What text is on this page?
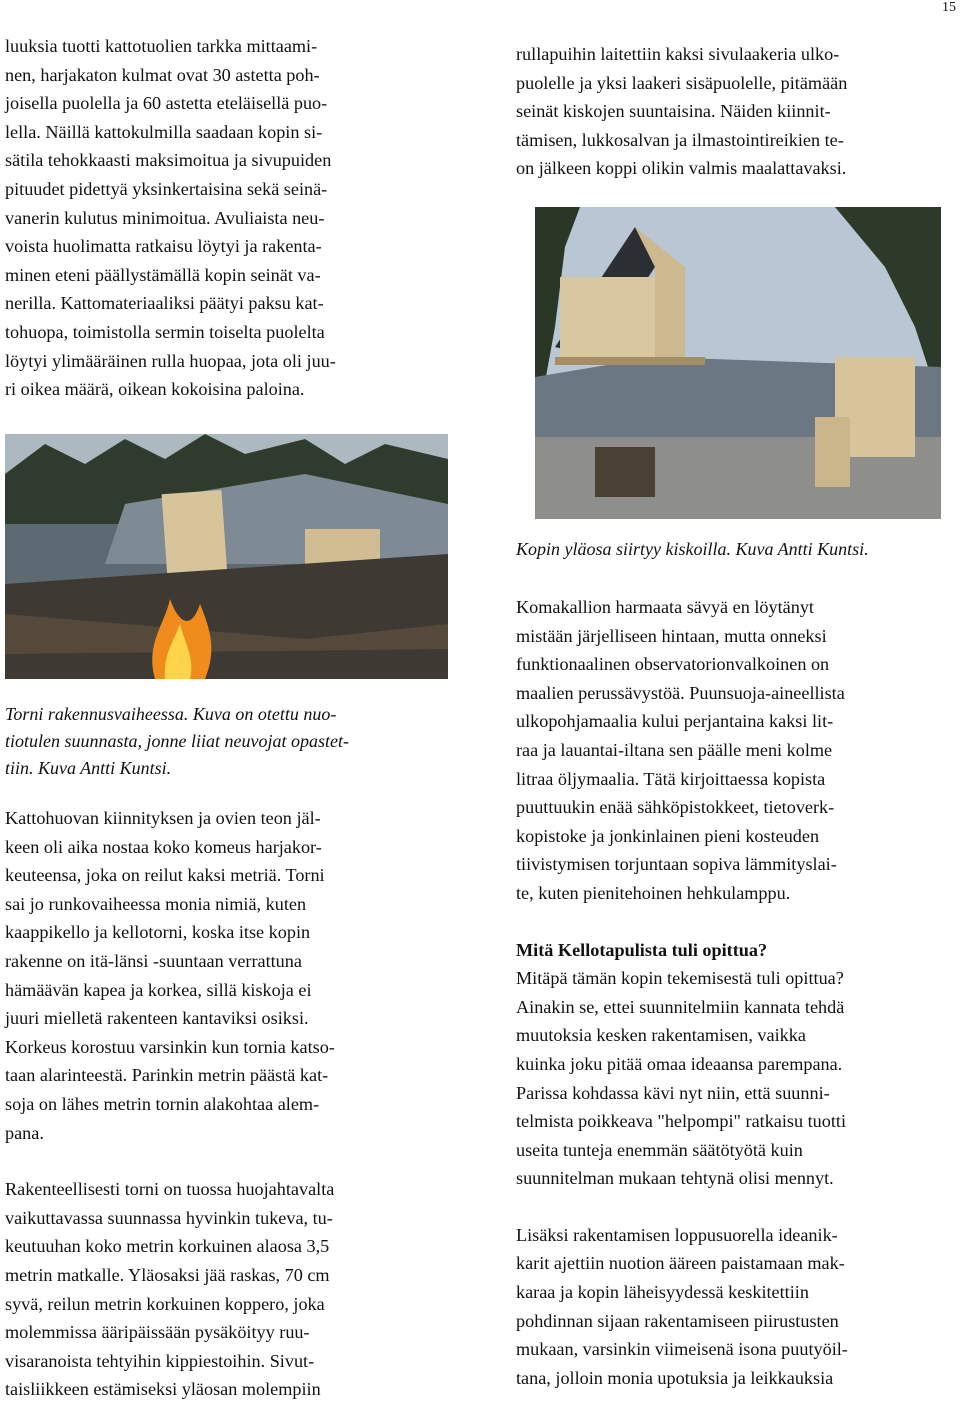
15

luuksia tuotti kattotuolien tarkka mittaami-
nen, harjakaton kulmat ovat 30 astetta poh-
joisella puolella ja 60 astetta eteläisellä puo-
lella. Näillä kattokulmilla saadaan kopin si-
sätila tehokkaasti maksimoitua ja sivupuiden
pituudet pidettyä yksinkertaisina sekä seinä-
vanerin kulutus minimoitua. Avuliaista neu-
voista huolimatta ratkaisu löytyi ja rakenta-
minen eteni päällystämällä kopin seinät va-
nerilla. Kattomateriaaliksi päätyi paksu kat-
tohuopa, toimistolla sermin toiselta puolelta
löytyi ylimääräinen rulla huopaa, jota oli juu-
ri oikea määrä, oikean kokoisina paloina.

Torni rakennusvaiheessa. Kuva on otettu nuo-
tiotulen suunnasta, jonne liiat neuvojat opastet-
tiin. Kuva Antti Kuntsi.

Kattohuovan kiinnityksen ja ovien teon jäl-
keen oli aika nostaa koko komeus harjakor-
keuteensa, joka on reilut kaksi metriä. Torni
sai jo runkovaiheessa monia nimiä, kuten
kaappikello ja kellotorni, koska itse kopin
rakenne on itä-länsi -suuntaan verrattuna
hämäävän kapea ja korkea, sillä kiskoja ei
juuri mielletä rakenteen kantaviksi osiksi.
Korkeus korostuu varsinkin kun tornia katso-
taan alarinteestä. Parinkin metrin päästä kat-
soja on lähes metrin tornin alakohtaa alem-
pana.

Rakenteellisesti torni on tuossa huojahtavalta
vaikuttavassa suunnassa hyvinkin tukeva, tu-
keutuuhan koko metrin korkuinen alaosa 3,5
metrin matkalle. Yläosaksi jää raskas, 70 cm
syvä, reilun metrin korkuinen koppero, joka
molemmissa ääripäissään pysäköityy ruu-
visaranoista tehtyihin kippiestoihin. Sivut-
taisliikkeen estämiseksi yläosan molempiin

rullapuihin laitettiin kaksi sivulaakeria ulko-
puolelle ja yksi laakeri sisäpuolelle, pitämään
seinät kiskojen suuntaisina. Näiden kiinnit-
tämisen, lukkosalvan ja ilmastointireikien te-
on jälkeen koppi olikin valmis maalattavaksi.

Kopin yläosa siirtyy kiskoilla. Kuva Antti Kuntsi.

Komakallion harmaata sävyä en löytänyt
mistään järjelliseen hintaan, mutta onneksi
funktionaalinen observatorionvalkoinen on
maalien perussävystöä. Puunsuoja-aineellista
ulkopohjamaalia kului perjantaina kaksi lit-
raa ja lauantai-iltana sen päälle meni kolme
litraa öljymaalia. Tätä kirjoittaessa kopista
puuttuukin enää sähköpistokkeet, tietoverk-
kopistoke ja jonkinlainen pieni kosteuden
tiivistymisen torjuntaan sopiva lämmityslai-
te, kuten pienitehoinen hehkulamppu.

Mitä Kellotapulista tuli opittua?

Mitäpä tämän kopin tekemisestä tuli opittua?
Ainakin se, ettei suunnitelmiin kannata tehdä
muutoksia kesken rakentamisen, vaikka
kuinka joku pitää omaa ideaansa parempana.
Parissa kohdassa kävi nyt niin, että suunni-
telmista poikkeava "helpompi" ratkaisu tuotti
useita tunteja enemmän säätötyötä kuin
suunnitelman mukaan tehtynä olisi mennyt.

Lisäksi rakentamisen loppusuorella ideanik-
karit ajettiin nuotion ääreen paistamaan mak-
karaa ja kopin läheisyydessä keskitettiin
pohdinnan sijaan rakentamiseen piirustusten
mukaan, varsinkin viimeisenä isona puutyöil-
tana, jolloin monia upotuksia ja leikkauksia
